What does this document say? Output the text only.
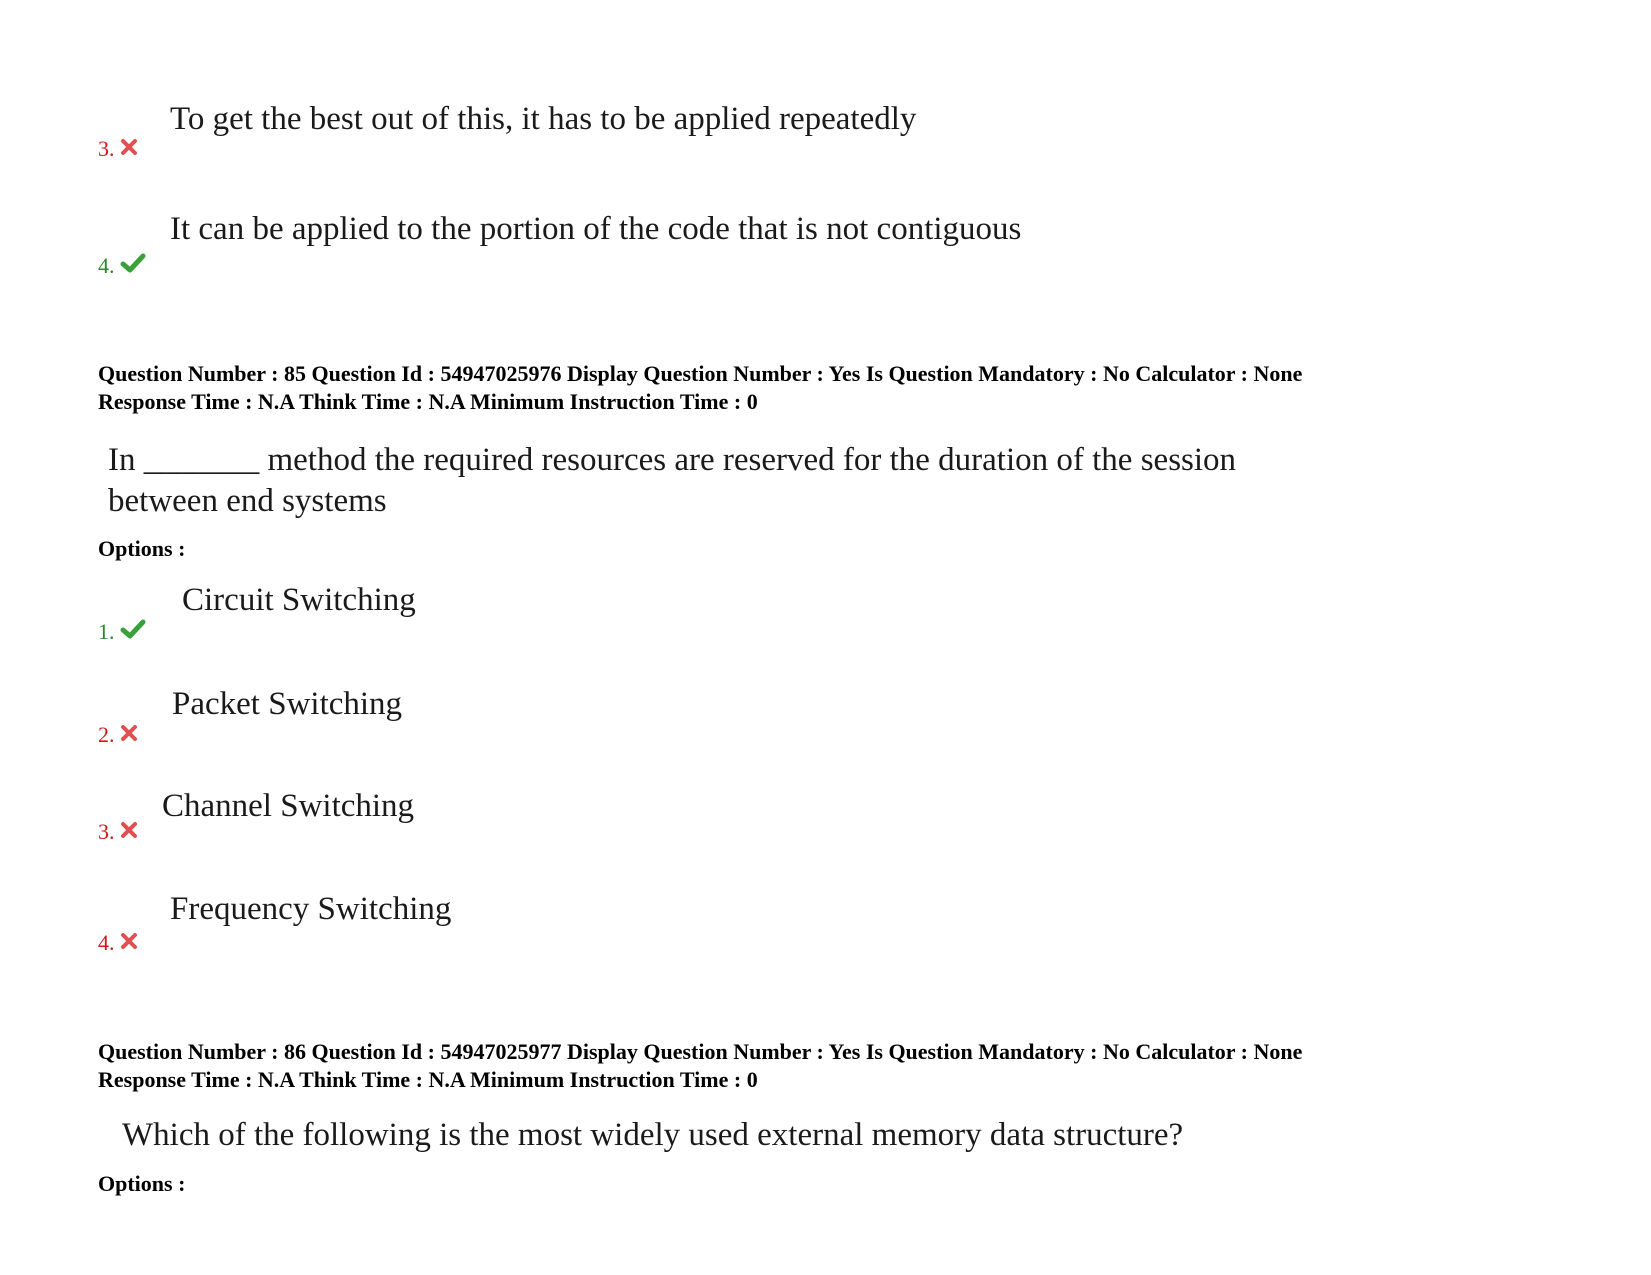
3.
To get the best out of this, it has to be applied repeatedly
4.
It can be applied to the portion of the code that is not contiguous
Question Number : 85 Question Id : 54947025976 Display Question Number : Yes Is Question Mandatory : No Calculator : None
Response Time : N.A Think Time : N.A Minimum Instruction Time : 0
In _______ method the required resources are reserved for the duration of the session
between end systems
Options :
1.
Circuit Switching
2.
Packet Switching
3.
Channel Switching
4.
Frequency Switching
Question Number : 86 Question Id : 54947025977 Display Question Number : Yes Is Question Mandatory : No Calculator : None
Response Time : N.A Think Time : N.A Minimum Instruction Time : 0
Which of the following is the most widely used external memory data structure?
Options :
